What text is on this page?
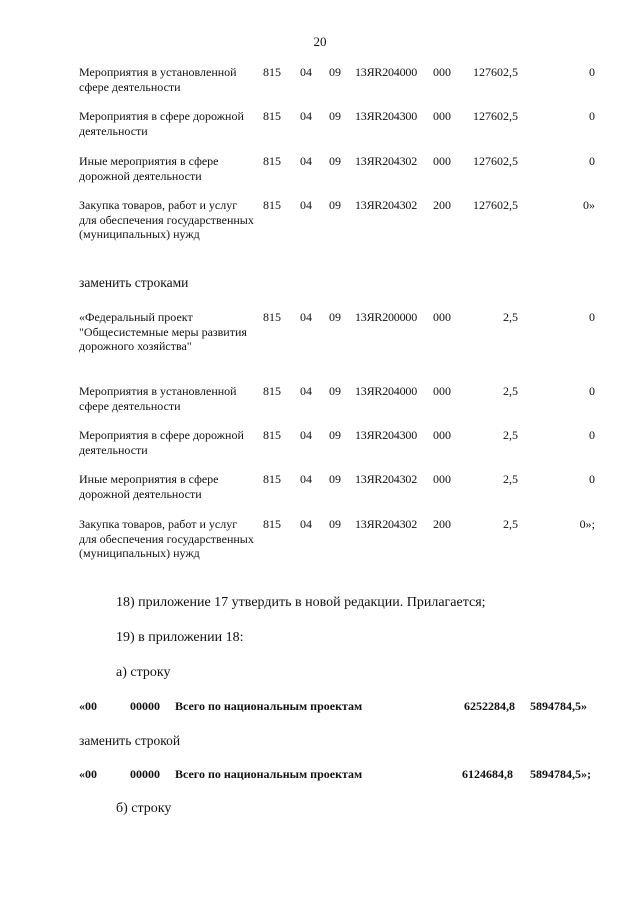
20
Мероприятия в установленной сфере деятельности
815 04 09 13ЯR204000 000 127602,5	0
Мероприятия в сфере дорожной деятельности
815 04 09 13ЯR204300 000 127602,5	0
Иные мероприятия в сфере дорожной деятельности
815 04 09 13ЯR204302 000 127602,5	0
Закупка товаров, работ и услуг для обеспечения государственных (муниципальных) нужд
815 04 09 13ЯR204302 200 127602,5	0»
заменить строками
«Федеральный проект "Общесистемные меры развития дорожного хозяйства"
815 04 09 13ЯR200000 000	2,5	0
Мероприятия в установленной сфере деятельности
815 04 09 13ЯR204000 000	2,5	0
Мероприятия в сфере дорожной деятельности
815 04 09 13ЯR204300 000	2,5	0
Иные мероприятия в сфере дорожной деятельности
815 04 09 13ЯR204302 000	2,5	0
Закупка товаров, работ и услуг для обеспечения государственных (муниципальных) нужд
815 04 09 13ЯR204302 200	2,5	0»;
18) приложение 17 утвердить в новой редакции. Прилагается;
19) в приложении 18:
а) строку
«00	00000 Всего по национальным проектам	6252284,8 5894784,5»
заменить строкой
«00	00000 Всего по национальным проектам	6124684,8 5894784,5»;
б) строку
